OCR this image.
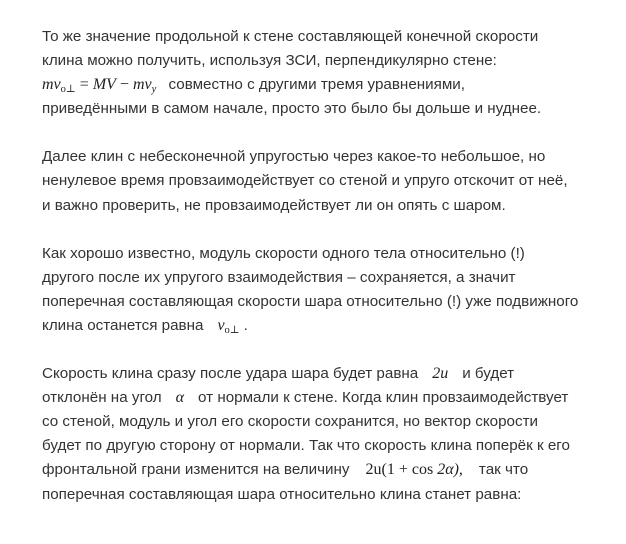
То же значение продольной к стене составляющей конечной скорости
клина можно получить, используя ЗСИ, перпендикулярно стене:
$mv_{o\perp}$ = MV − $mv_y$ совместно с другими тремя уравнениями,
приведёнными в самом начале, просто это было бы дольше и нуднее.
Далее клин с небесконечной упругостью через какое-то небольшое, но
ненулевое время провзаимодействует со стеной и упруго отскочит от неё,
и важно проверить, не провзаимодействует ли он опять с шаром.
Как хорошо известно, модуль скорости одного тела относительно (!)
другого после их упругого взаимодействия – сохраняется, а значит
поперечная составляющая скорости шара относительно (!) уже подвижного
клина останется равна $v_{o\perp}$ .
Скорость клина сразу после удара шара будет равна 2u и будет
отклонён на угол α от нормали к стене. Когда клин провзаимодействует
со стеной, модуль и угол его скорости сохранится, но вектор скорости
будет по другую сторону от нормали. Так что скорость клина поперёк к его
фронтальной грани изменится на величину 2u(1 + cos 2α), так что
поперечная составляющая шара относительно клина станет равна:
